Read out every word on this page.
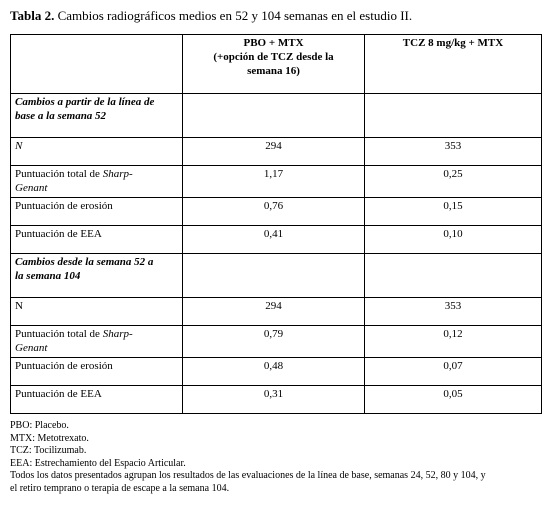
Tabla 2. Cambios radiográficos medios en 52 y 104 semanas en el estudio II.

	PBO + MTX
(+opción de TCZ desde la
semana 16)	TCZ 8 mg/kg + MTX

Cambios a partir de la línea de
base a la semana 52		

N	294	353
Puntuación total de Sharp-
Genant	1,17	0,25
Puntuación de erosión	0,76	0,15
Puntuación de EEA	0,41	0,10

Cambios desde la semana 52 a
la semana 104		

N	294	353
Puntuación total de Sharp-
Genant	0,79	0,12
Puntuación de erosión	0,48	0,07
Puntuación de EEA	0,31	0,05
PBO: Placebo.
MTX: Metotrexato.
TCZ: Tocilizumab.
EEA: Estrechamiento del Espacio Articular.
Todos los datos presentados agrupan los resultados de las evaluaciones de la línea de base, semanas 24, 52, 80 y 104, y
el retiro temprano o terapia de escape a la semana 104.
